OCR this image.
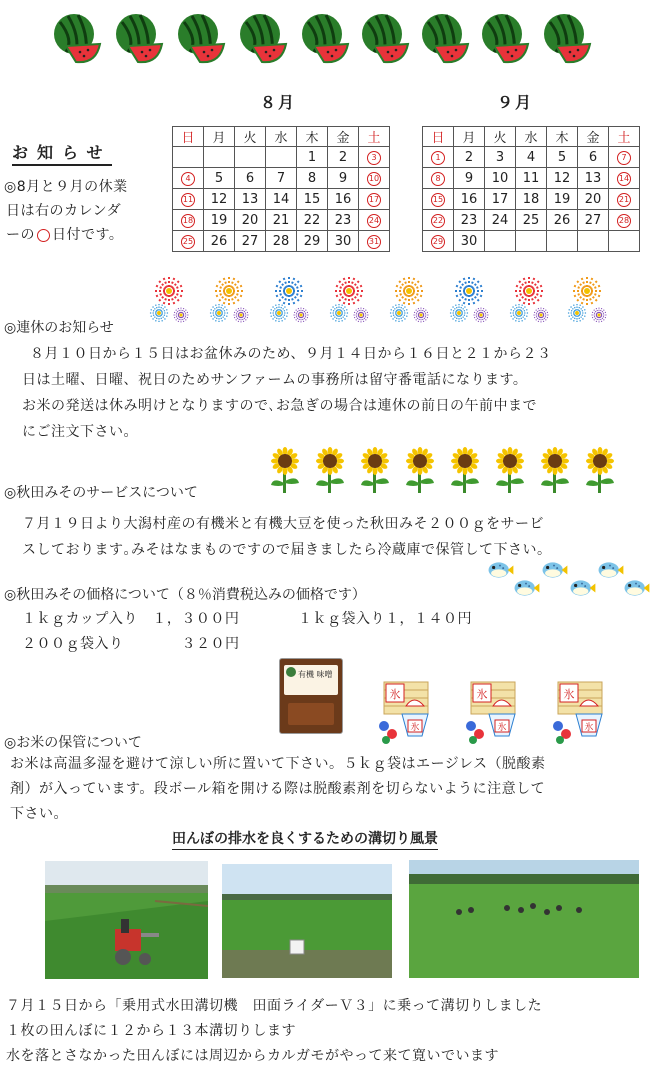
８月	９月
日	月	火	水	木	金	土
				1	2	3
4	5	6	7	8	9	10
11	12	13	14	15	16	17
18	19	20	21	22	23	24
25	26	27	28	29	30	31
日	月	火	水	木	金	土
1	2	3	4	5	6	7
8	9	10	11	12	13	14
15	16	17	18	19	20	21
22	23	24	25	26	27	28
29	30					
お知らせ
◎8月と９月の休業
日は右のカレンダ
ーの 日付です。
◎連休のお知らせ
８月１０日から１５日はお盆休みのため、９月１４日から１６日と２１から２３
日は土曜、日曜、祝日のためサンファームの事務所は留守番電話になります。
お米の発送は休み明けとなりますので､お急ぎの場合は連休の前日の午前中まで
にご注文下さい。
◎秋田みそのサービスについて
７月１９日より大潟村産の有機米と有機大豆を使った秋田みそ２００ｇをサービ
スしております｡みそはなまものですので届きましたら冷蔵庫で保管して下さい｡
◎秋田みその価格について（８％消費税込みの価格です）
１ｋｇカップ入り　１，３００円	１ｋｇ袋入り１，１４０円
２００ｇ袋入り　　　　３２０円
有機 味噌
氷
氷
氷
氷
氷
氷
◎お米の保管について
お米は高温多湿を避けて涼しい所に置いて下さい。５ｋｇ袋はエージレス（脱酸素
剤）が入っています。段ボール箱を開ける際は脱酸素剤を切らないように注意して
下さい。
田んぼの排水を良くするための溝切り風景
７月１５日から「乗用式水田溝切機　田面ライダーＶ３」に乗って溝切りしました
１枚の田んぼに１２から１３本溝切りします
水を落とさなかった田んぼには周辺からカルガモがやって来て寛いでいます
